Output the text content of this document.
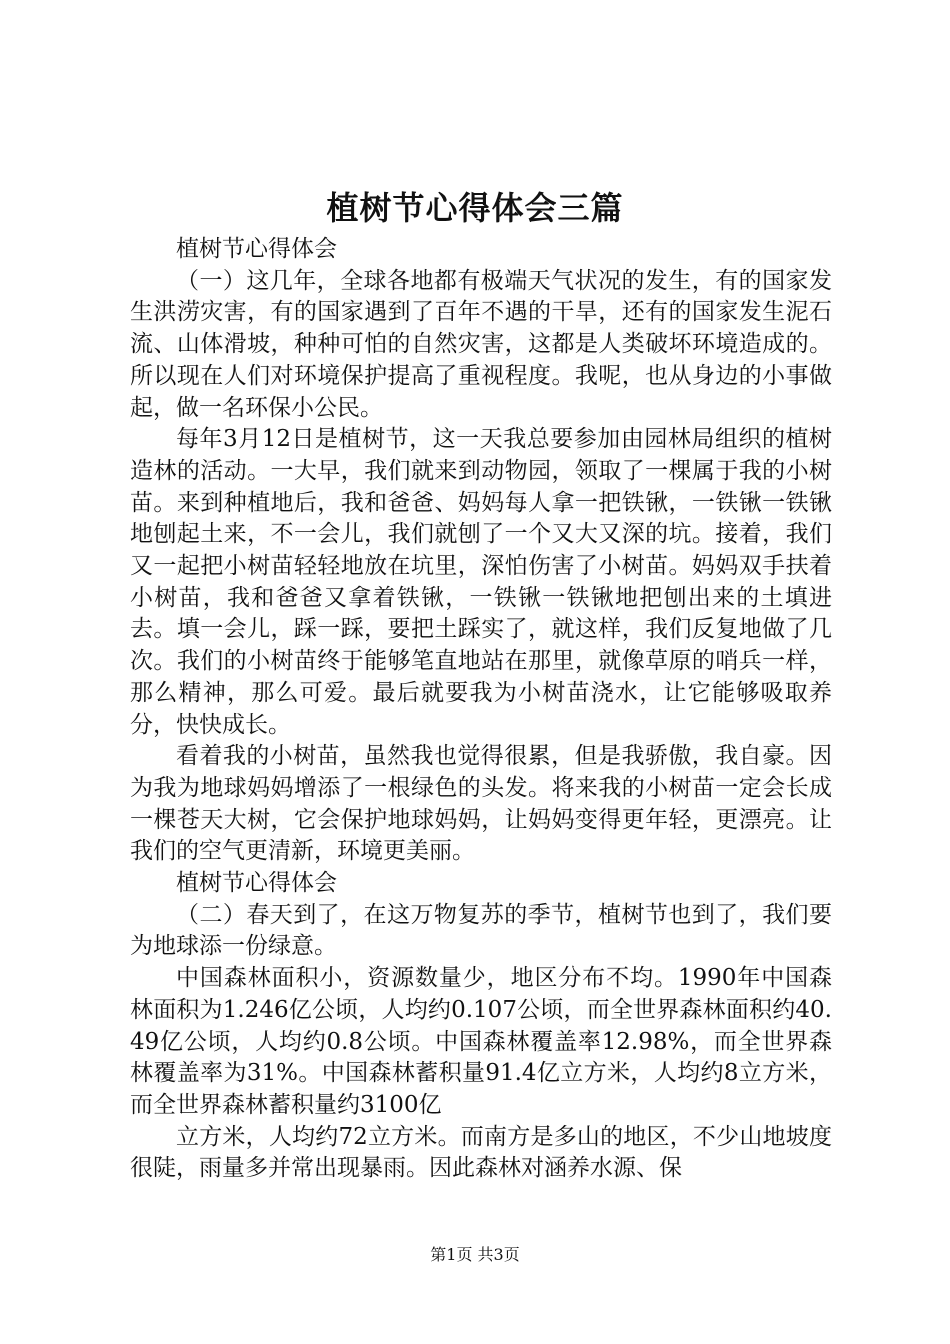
植树节心得体会三篇

植树节心得体会

（一）这几年，全球各地都有极端天气状况的发生，有的国家发生洪涝灾害，有的国家遇到了百年不遇的干旱，还有的国家发生泥石流、山体滑坡，种种可怕的自然灾害，这都是人类破坏环境造成的。所以现在人们对环境保护提高了重视程度。我呢，也从身边的小事做起，做一名环保小公民。

每年3月12日是植树节，这一天我总要参加由园林局组织的植树造林的活动。一大早，我们就来到动物园，领取了一棵属于我的小树苗。来到种植地后，我和爸爸、妈妈每人拿一把铁锹，一铁锹一铁锹地刨起土来，不一会儿，我们就刨了一个又大又深的坑。接着，我们又一起把小树苗轻轻地放在坑里，深怕伤害了小树苗。妈妈双手扶着小树苗，我和爸爸又拿着铁锹，一铁锹一铁锹地把刨出来的土填进去。填一会儿，踩一踩，要把土踩实了，就这样，我们反复地做了几次。我们的小树苗终于能够笔直地站在那里，就像草原的哨兵一样，那么精神，那么可爱。最后就要我为小树苗浇水，让它能够吸取养分，快快成长。

看着我的小树苗，虽然我也觉得很累，但是我骄傲，我自豪。因为我为地球妈妈增添了一根绿色的头发。将来我的小树苗一定会长成一棵苍天大树，它会保护地球妈妈，让妈妈变得更年轻，更漂亮。让我们的空气更清新，环境更美丽。

植树节心得体会

（二）春天到了，在这万物复苏的季节，植树节也到了，我们要为地球添一份绿意。

中国森林面积小，资源数量少，地区分布不均。1990年中国森林面积为1.246亿公顷，人均约0.107公顷，而全世界森林面积约40.49亿公顷，人均约0.8公顷。中国森林覆盖率12.98%，而全世界森林覆盖率为31%。中国森林蓄积量91.4亿立方米，人均约8立方米，而全世界森林蓄积量约3100亿

立方米，人均约72立方米。而南方是多山的地区，不少山地坡度很陡，雨量多并常出现暴雨。因此森林对涵养水源、保

第1页 共3页
